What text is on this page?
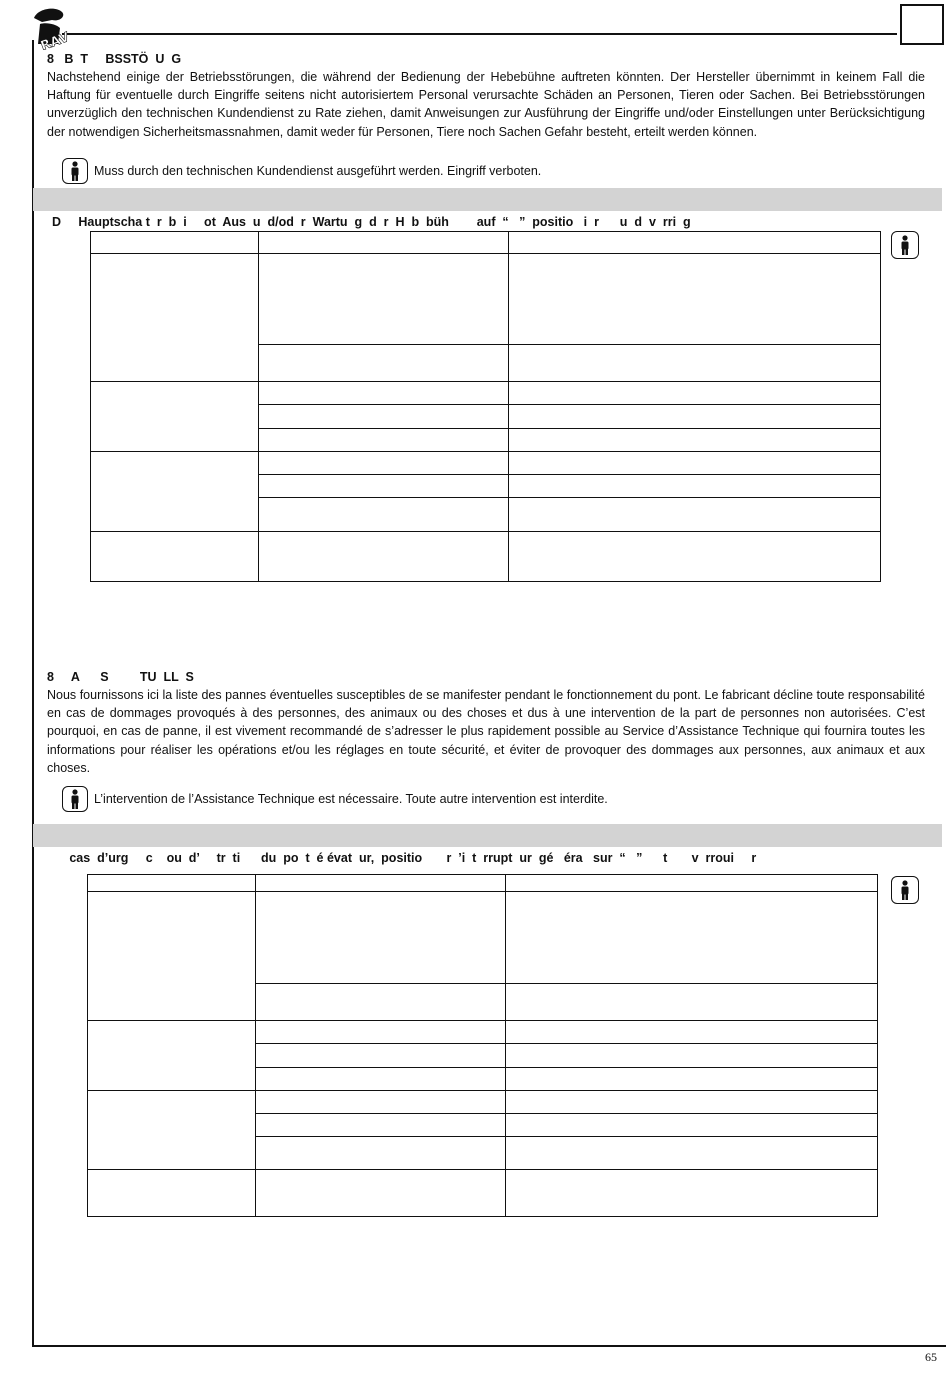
65
RAV
8   B  T     BSSTÖ  U  G
Nachstehend einige der Betriebsstörungen, die während der Bedienung der Hebebühne auftreten könnten. Der Hersteller übernimmt in keinem Fall die Haftung für eventuelle durch Eingriffe seitens nicht autorisiertem Personal verursachte Schäden an Personen, Tieren oder Sachen. Bei Betriebsstörungen unverzüglich den technischen Kundendienst zu Rate ziehen, damit Anweisungen zur Ausführung der Eingriffe und/oder Einstellungen unter Berücksichtigung der notwendigen Sicherheitsmassnahmen, damit weder für Personen, Tiere noch Sachen Gefahr besteht, erteilt werden können.
Muss durch den technischen Kundendienst ausgeführt werden. Eingriff verboten.

D     Hauptscha t  r  b  i     ot  Aus  u  d/od  r  Wartu  g  d  r  H  b  büh        auf  “   ”  positio   i  r      u  d  v  rri  g

8     A      S         TU  LL  S
Nous fournissons ici la liste des pannes éventuelles susceptibles de se manifester pendant le fonctionnement du pont. Le fabricant décline toute responsabilité en cas de dommages provoqués à des personnes, des animaux ou des choses et dus à une intervention de la part de personnes non autorisées. C’est pourquoi, en cas de panne, il est vivement recommandé de s’adresser le plus rapidement possible au Service d’Assistance Technique qui fournira toutes les informations pour réaliser les opérations et/ou les réglages en toute sécurité, et éviter de provoquer des dommages aux personnes, aux animaux et aux choses.
L’intervention de l’Assistance Technique est nécessaire. Toute autre intervention est interdite.

cas  d’urg     c    ou  d’     tr  ti      du  po  t  é évat  ur,  positio       r  ’i  t  rrupt  ur  gé   éra   sur  “   ”      t       v  rroui     r
